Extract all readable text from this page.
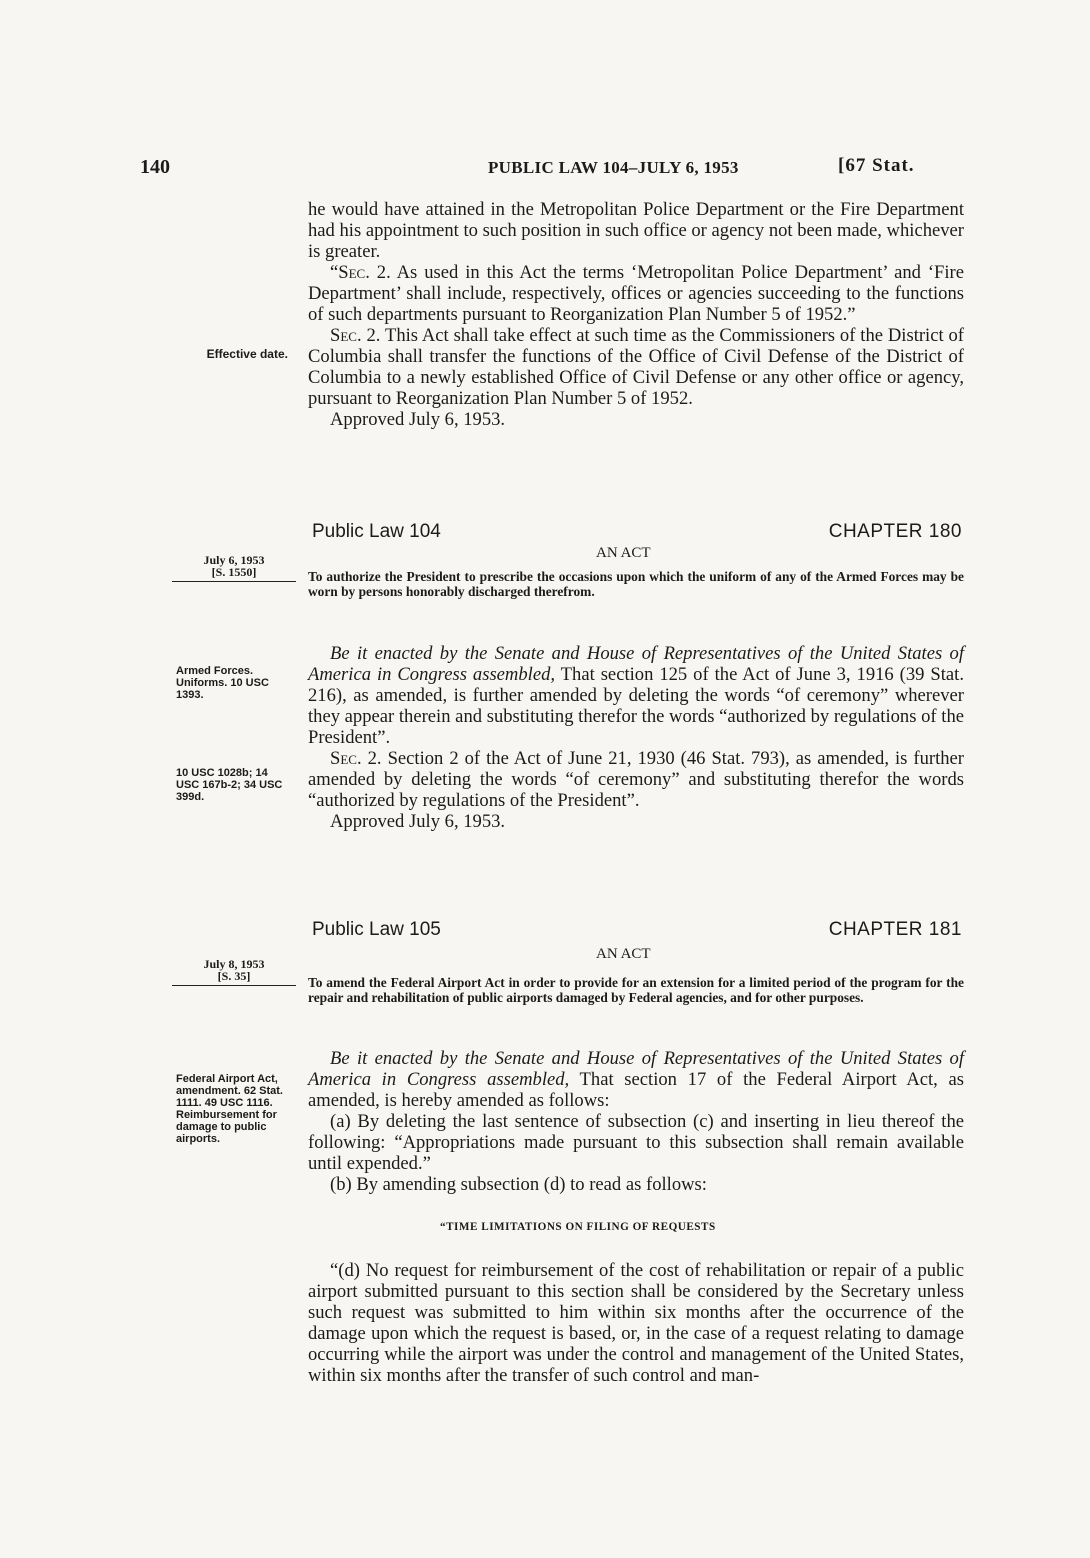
140	PUBLIC LAW 104–JULY 6, 1953	[67 Stat.

he would have attained in the Metropolitan Police Department or the Fire Department had his appointment to such position in such office or agency not been made, whichever is greater.

“Sec. 2. As used in this Act the terms ‘Metropolitan Police Department’ and ‘Fire Department’ shall include, respectively, offices or agencies succeeding to the functions of such departments pursuant to Reorganization Plan Number 5 of 1952.”

Sec. 2. This Act shall take effect at such time as the Commissioners of the District of Columbia shall transfer the functions of the Office of Civil Defense of the District of Columbia to a newly established Office of Civil Defense or any other office or agency, pursuant to Reorganization Plan Number 5 of 1952.

Approved July 6, 1953.

Effective date.
Public Law 104	CHAPTER 180
AN ACT
July 6, 1953
[S. 1550]	To authorize the President to prescribe the occasions upon which the uniform of any of the Armed Forces may be worn by persons honorably discharged therefrom.

Be it enacted by the Senate and House of Representatives of the United States of America in Congress assembled, That section 125 of the Act of June 3, 1916 (39 Stat. 216), as amended, is further amended by deleting the words “of ceremony” wherever they appear therein and substituting therefor the words “authorized by regulations of the President”.

Sec. 2. Section 2 of the Act of June 21, 1930 (46 Stat. 793), as amended, is further amended by deleting the words “of ceremony” and substituting therefor the words “authorized by regulations of the President”.

Approved July 6, 1953.

Armed Forces. Uniforms. 10 USC 1393.
10 USC 1028b; 14 USC 167b-2; 34 USC 399d.
Public Law 105	CHAPTER 181
AN ACT
July 8, 1953
[S. 35]	To amend the Federal Airport Act in order to provide for an extension for a limited period of the program for the repair and rehabilitation of public airports damaged by Federal agencies, and for other purposes.

Be it enacted by the Senate and House of Representatives of the United States of America in Congress assembled, That section 17 of the Federal Airport Act, as amended, is hereby amended as follows:

(a) By deleting the last sentence of subsection (c) and inserting in lieu thereof the following: “Appropriations made pursuant to this subsection shall remain available until expended.”

(b) By amending subsection (d) to read as follows:

“TIME LIMITATIONS ON FILING OF REQUESTS

“(d) No request for reimbursement of the cost of rehabilitation or repair of a public airport submitted pursuant to this section shall be considered by the Secretary unless such request was submitted to him within six months after the occurrence of the damage upon which the request is based, or, in the case of a request relating to damage occurring while the airport was under the control and management of the United States, within six months after the transfer of such control and man-

Federal Airport Act, amendment. 62 Stat. 1111. 49 USC 1116. Reimbursement for damage to public airports.
